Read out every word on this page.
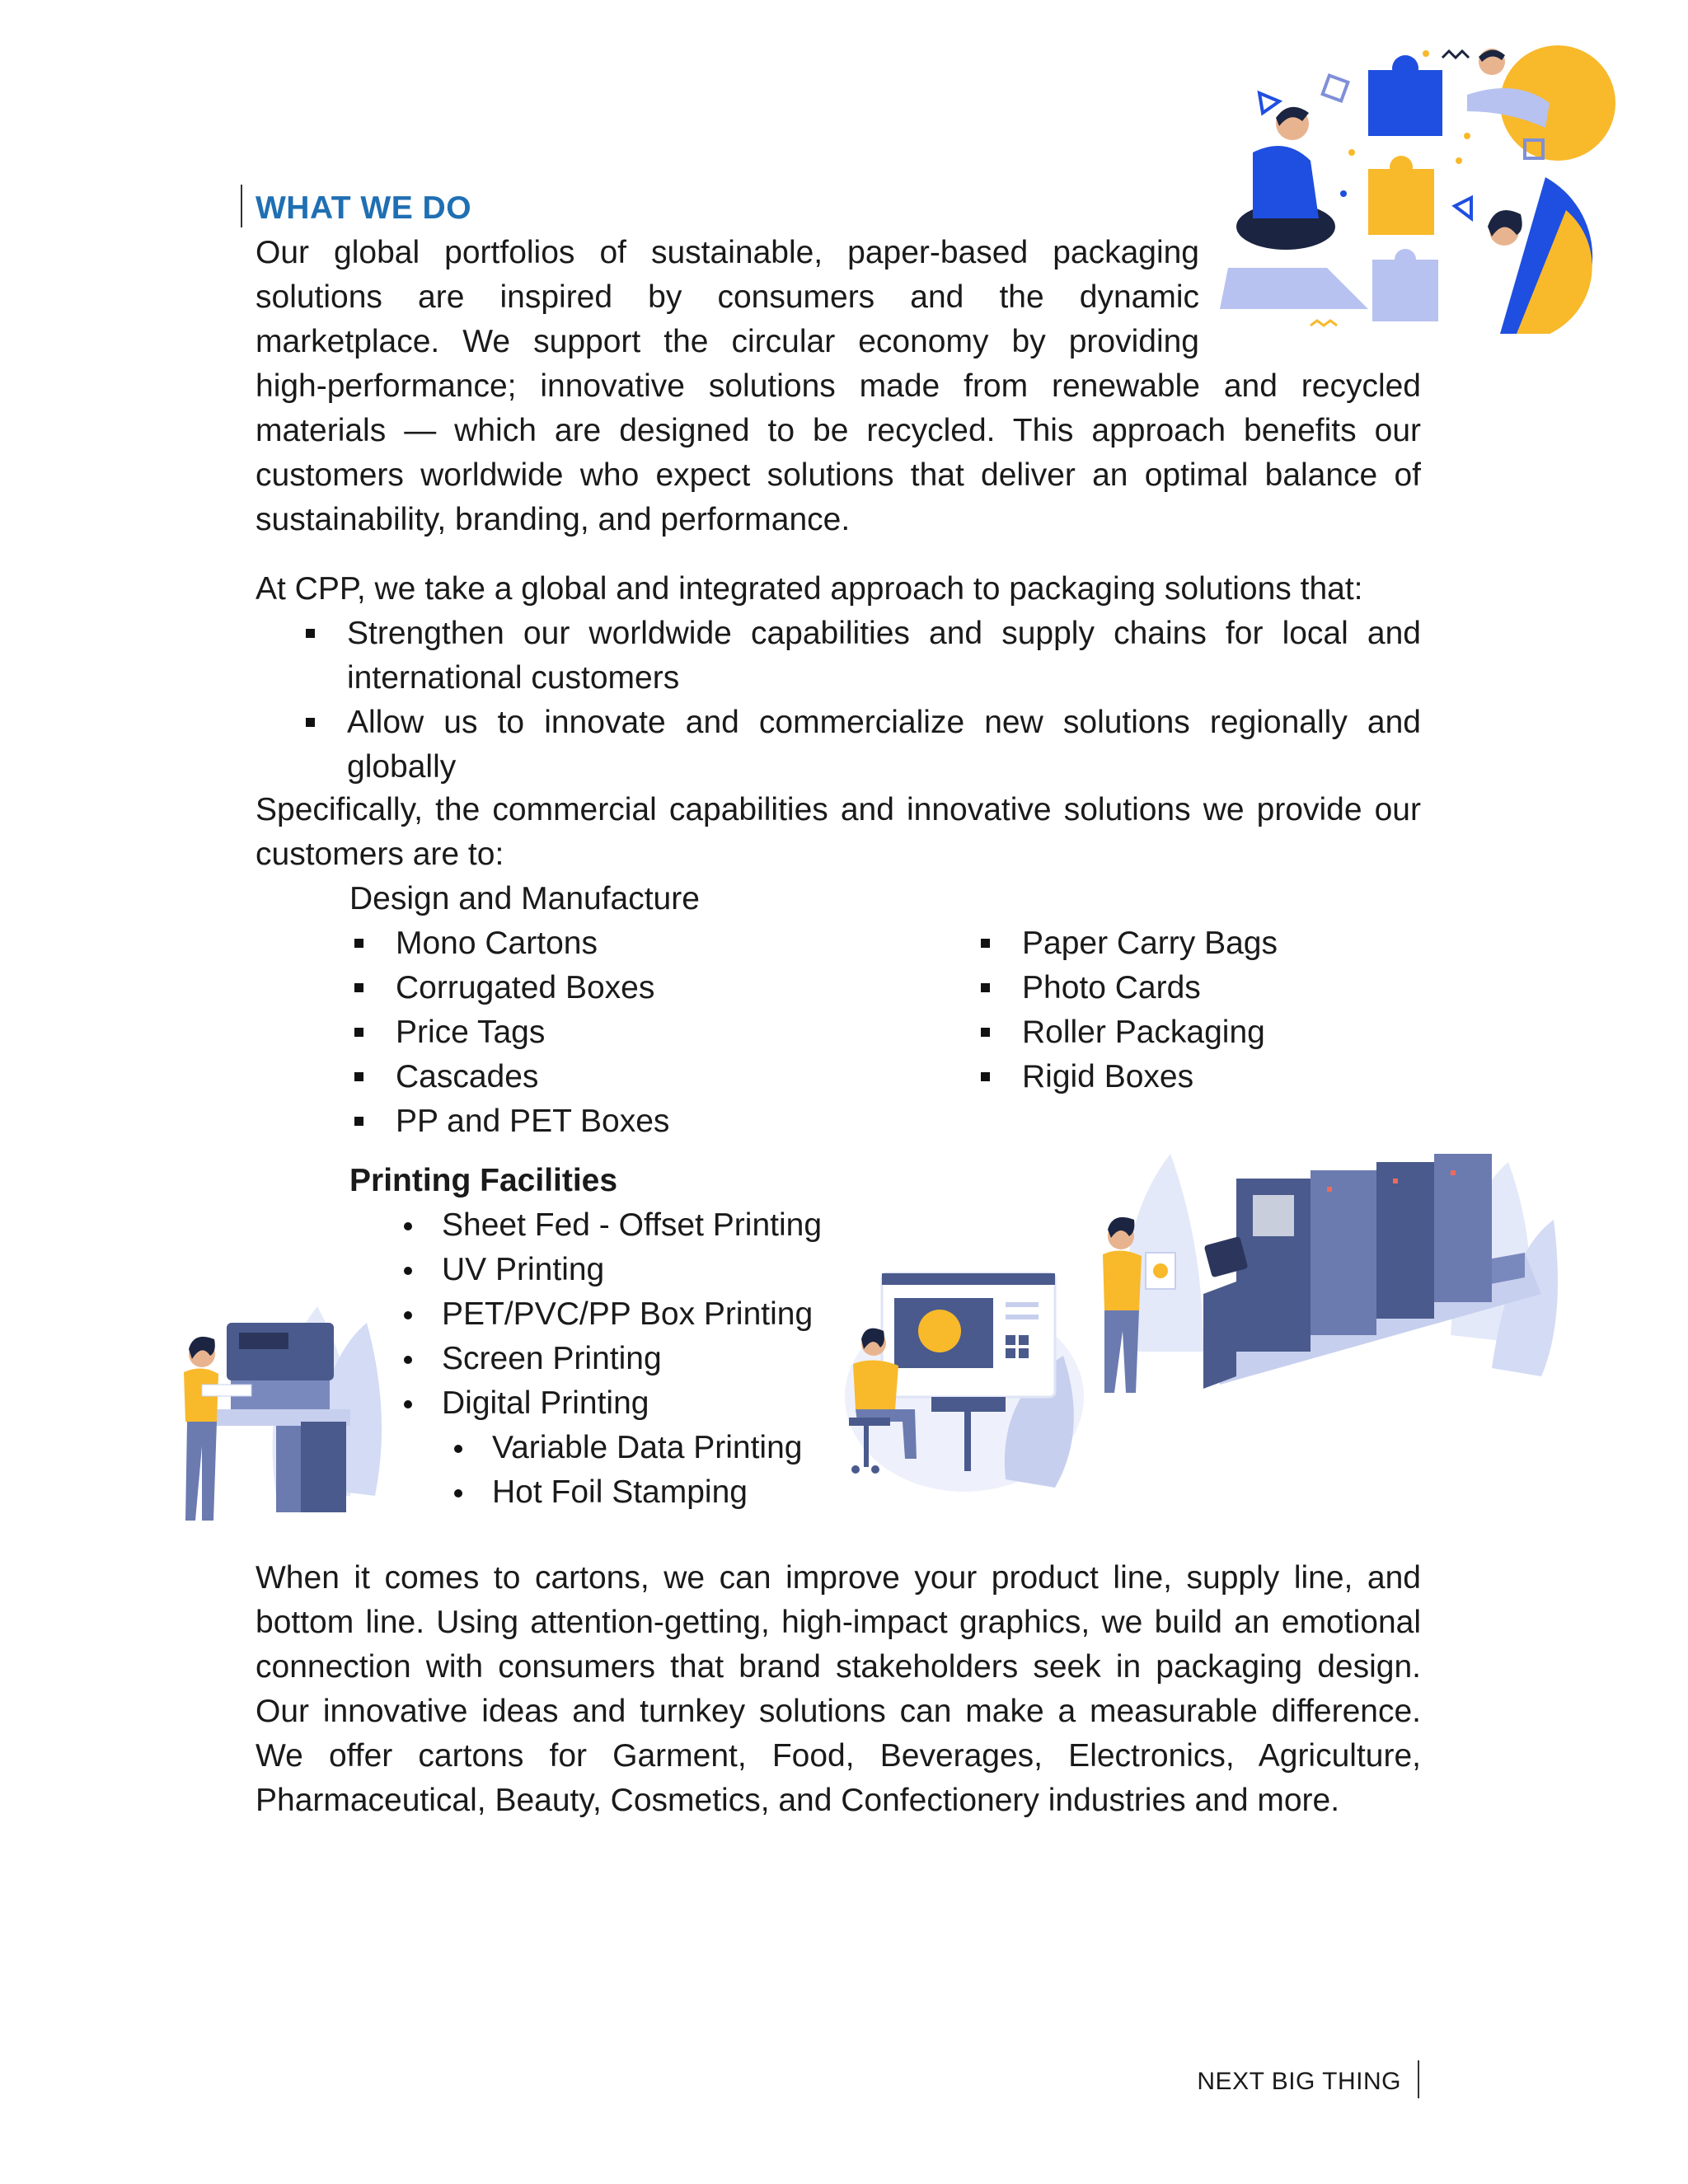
WHAT WE DO
Our global portfolios of sustainable, paper-based packaging
solutions are inspired by consumers and the dynamic
marketplace. We support the circular economy by providing
high-performance; innovative solutions made from renewable and recycled materials — which are designed to be recycled. This approach benefits our customers worldwide who expect solutions that deliver an optimal balance of sustainability, branding, and performance.
At CPP, we take a global and integrated approach to packaging solutions that:
Strengthen our worldwide capabilities and supply chains for local and international customers
Allow us to innovate and commercialize new solutions regionally and globally
Specifically, the commercial capabilities and innovative solutions we provide our customers are to:
Design and Manufacture
Mono Cartons
Corrugated Boxes
Price Tags
Cascades
PP and PET Boxes
Paper Carry Bags
Photo Cards
Roller Packaging
Rigid Boxes
Printing Facilities
Sheet Fed - Offset Printing
UV Printing
PET/PVC/PP Box Printing
Screen Printing
Digital Printing
Variable Data Printing
Hot Foil Stamping
When it comes to cartons, we can improve your product line, supply line, and bottom line. Using attention-getting, high-impact graphics, we build an emotional connection with consumers that brand stakeholders seek in packaging design. Our innovative ideas and turnkey solutions can make a measurable difference. We offer cartons for Garment, Food, Beverages, Electronics, Agriculture, Pharmaceutical, Beauty, Cosmetics, and Confectionery industries and more.
NEXT BIG THING
